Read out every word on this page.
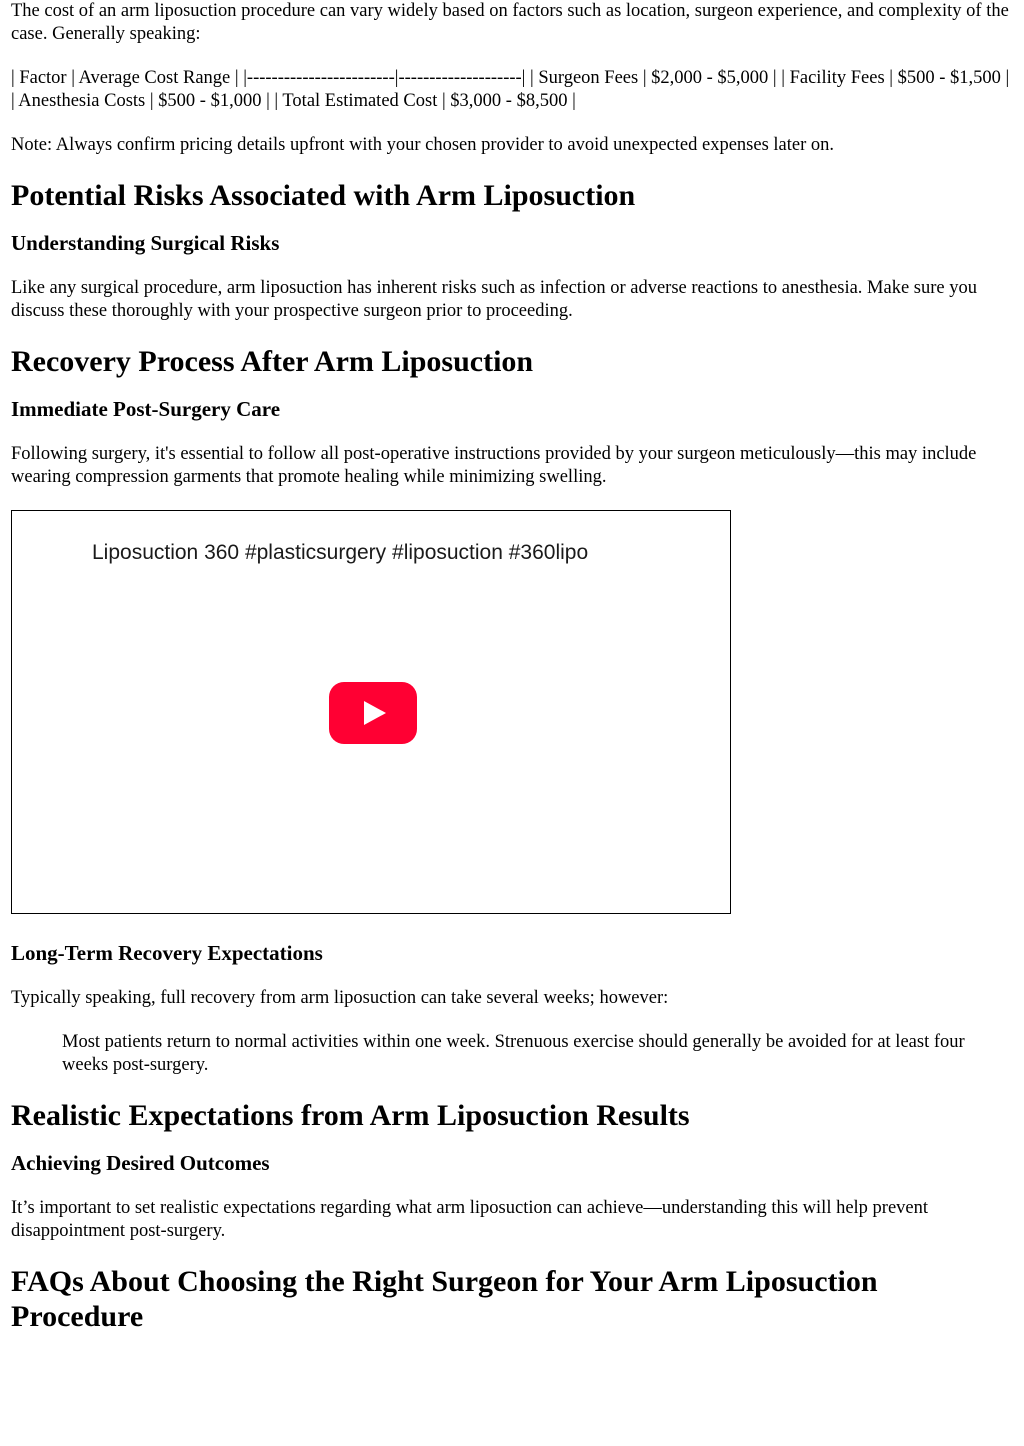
The cost of an arm liposuction procedure can vary widely based on factors such as location, surgeon experience, and complexity of the case. Generally speaking:

| Factor | Average Cost Range | |------------------------|--------------------| | Surgeon Fees | $2,000 - $5,000 | | Facility Fees | $500 - $1,500 | | Anesthesia Costs | $500 - $1,000 | | Total Estimated Cost | $3,000 - $8,500 |

Note: Always confirm pricing details upfront with your chosen provider to avoid unexpected expenses later on.

Potential Risks Associated with Arm Liposuction
Understanding Surgical Risks

Like any surgical procedure, arm liposuction has inherent risks such as infection or adverse reactions to anesthesia. Make sure you discuss these thoroughly with your prospective surgeon prior to proceeding.

Recovery Process After Arm Liposuction
Immediate Post-Surgery Care

Following surgery, it's essential to follow all post-operative instructions provided by your surgeon meticulously—this may include wearing compression garments that promote healing while minimizing swelling.

Liposuction 360 #plasticsurgery #liposuction #360lipo
Long-Term Recovery Expectations

Typically speaking, full recovery from arm liposuction can take several weeks; however:

Most patients return to normal activities within one week. Strenuous exercise should generally be avoided for at least four weeks post-surgery.
Realistic Expectations from Arm Liposuction Results
Achieving Desired Outcomes

It’s important to set realistic expectations regarding what arm liposuction can achieve—understanding this will help prevent disappointment post-surgery.

FAQs About Choosing the Right Surgeon for Your Arm Liposuction Procedure
